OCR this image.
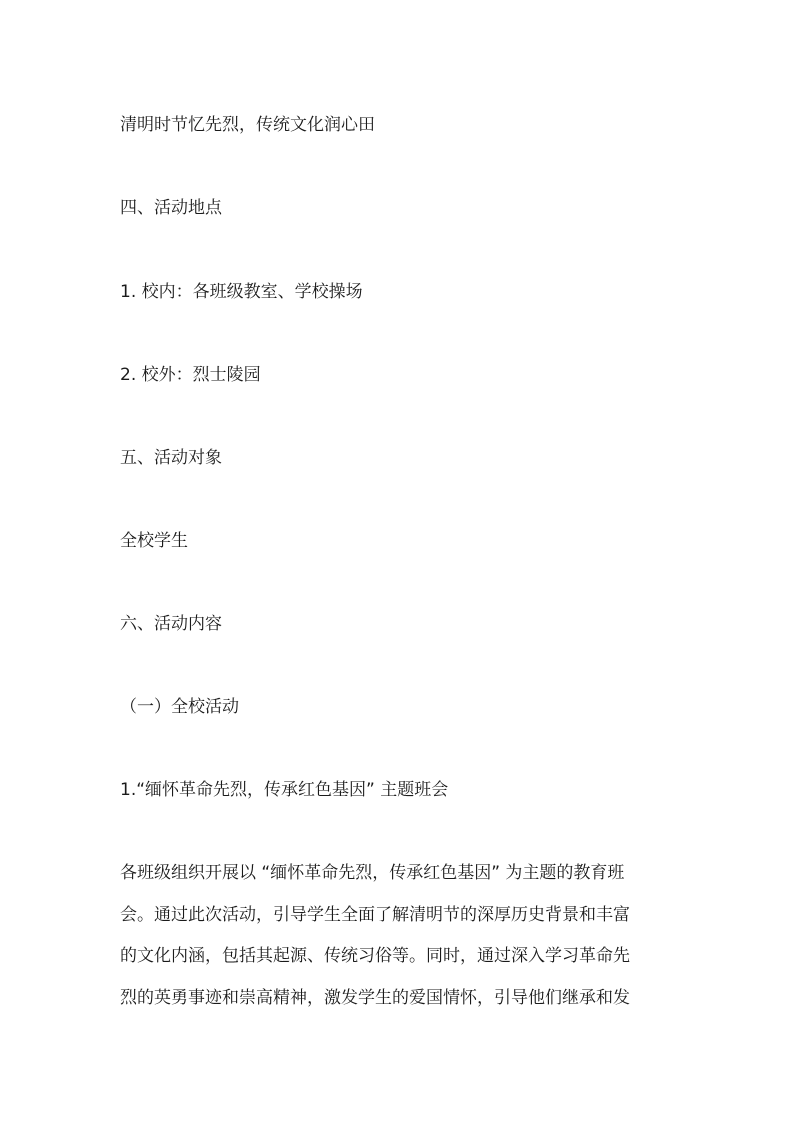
清明时节忆先烈，传统文化润心田

四、活动地点

1. 校内：各班级教室、学校操场

2. 校外：烈士陵园

五、活动对象

全校学生

六、活动内容

（一）全校活动

1.“缅怀革命先烈，传承红色基因” 主题班会

各班级组织开展以 “缅怀革命先烈，传承红色基因” 为主题的教育班
会。通过此次活动，引导学生全面了解清明节的深厚历史背景和丰富
的文化内涵，包括其起源、传统习俗等。同时，通过深入学习革命先
烈的英勇事迹和崇高精神，激发学生的爱国情怀，引导他们继承和发
